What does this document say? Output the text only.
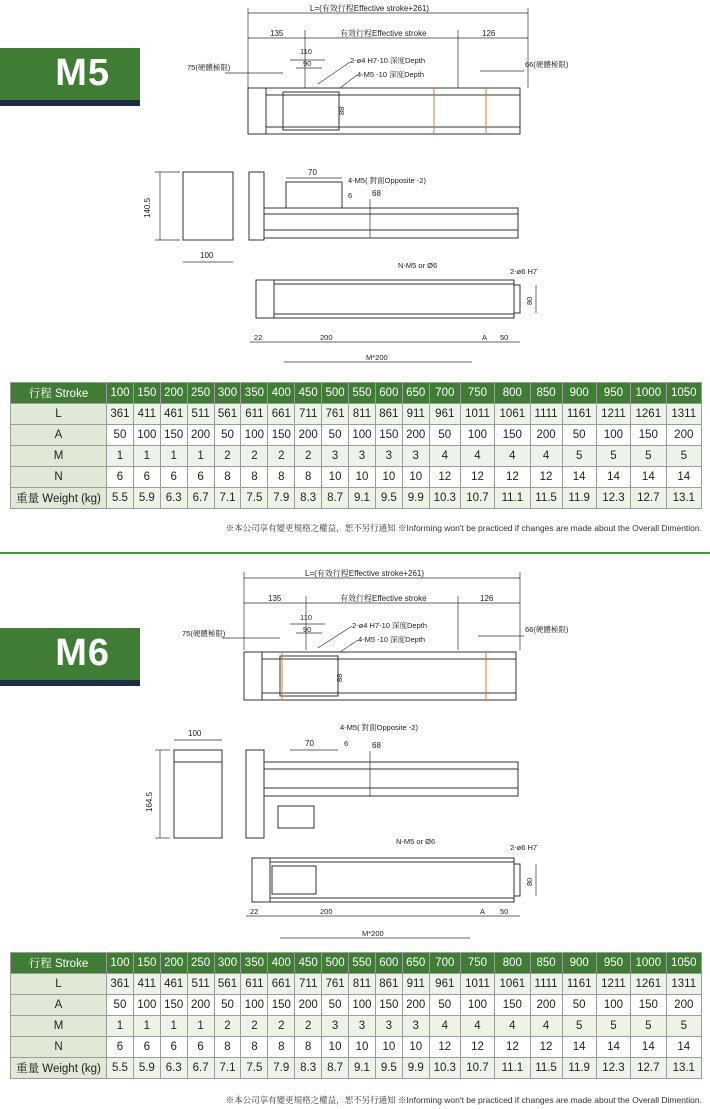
M5
L=(有效行程Effective stroke+261)
135	有效行程Effective stroke	126
110
90	2-ø4 H7-10 深度Depth
4-M5 -10 深度Depth
75(硬體極限)	66(硬體極限)
88
140.5
100
70
4-M5( 對面Opposite -2)
6 68
N-M5 or Ø6
2-ø6 H7
80
22	200	A 50
M*200
行程 Stroke	100	150	200	250	300	350	400	450	500	550	600	650	700	750	800	850	900	950	1000	1050
L	361	411	461	511	561	611	661	711	761	811	861	911	961	1011	1061	1111	1161	1211	1261	1311
A	50	100	150	200	50	100	150	200	50	100	150	200	50	100	150	200	50	100	150	200
M	1	1	1	1	2	2	2	2	3	3	3	3	4	4	4	4	5	5	5	5
N	6	6	6	6	8	8	8	8	10	10	10	10	12	12	12	12	14	14	14	14
重量 Weight (kg)	5.5	5.9	6.3	6.7	7.1	7.5	7.9	8.3	8.7	9.1	9.5	9.9	10.3	10.7	11.1	11.5	11.9	12.3	12.7	13.1
※本公司享有變更規格之權益，恕不另行通知 ※Informing won't be practiced if changes are made about the Overall Dimention.
M6
L=(有效行程Effective stroke+261)
135	有效行程Effective stroke	126
110
90	2-ø4 H7-10 深度Depth
4-M5 -10 深度Depth
75(硬體極限)	66(硬體極限)
88
100
164.5
70
4-M5( 對面Opposite -2)
6	68
N-M5 or Ø6
2-ø6 H7
80
22	200	A 50
M*200
行程 Stroke	100	150	200	250	300	350	400	450	500	550	600	650	700	750	800	850	900	950	1000	1050
L	361	411	461	511	561	611	661	711	761	811	861	911	961	1011	1061	1111	1161	1211	1261	1311
A	50	100	150	200	50	100	150	200	50	100	150	200	50	100	150	200	50	100	150	200
M	1	1	1	1	2	2	2	2	3	3	3	3	4	4	4	4	5	5	5	5
N	6	6	6	6	8	8	8	8	10	10	10	10	12	12	12	12	14	14	14	14
重量 Weight (kg)	5.5	5.9	6.3	6.7	7.1	7.5	7.9	8.3	8.7	9.1	9.5	9.9	10.3	10.7	11.1	11.5	11.9	12.3	12.7	13.1
※本公司享有變更規格之權益，恕不另行通知 ※Informing won't be practiced if changes are made about the Overall Dimention.
